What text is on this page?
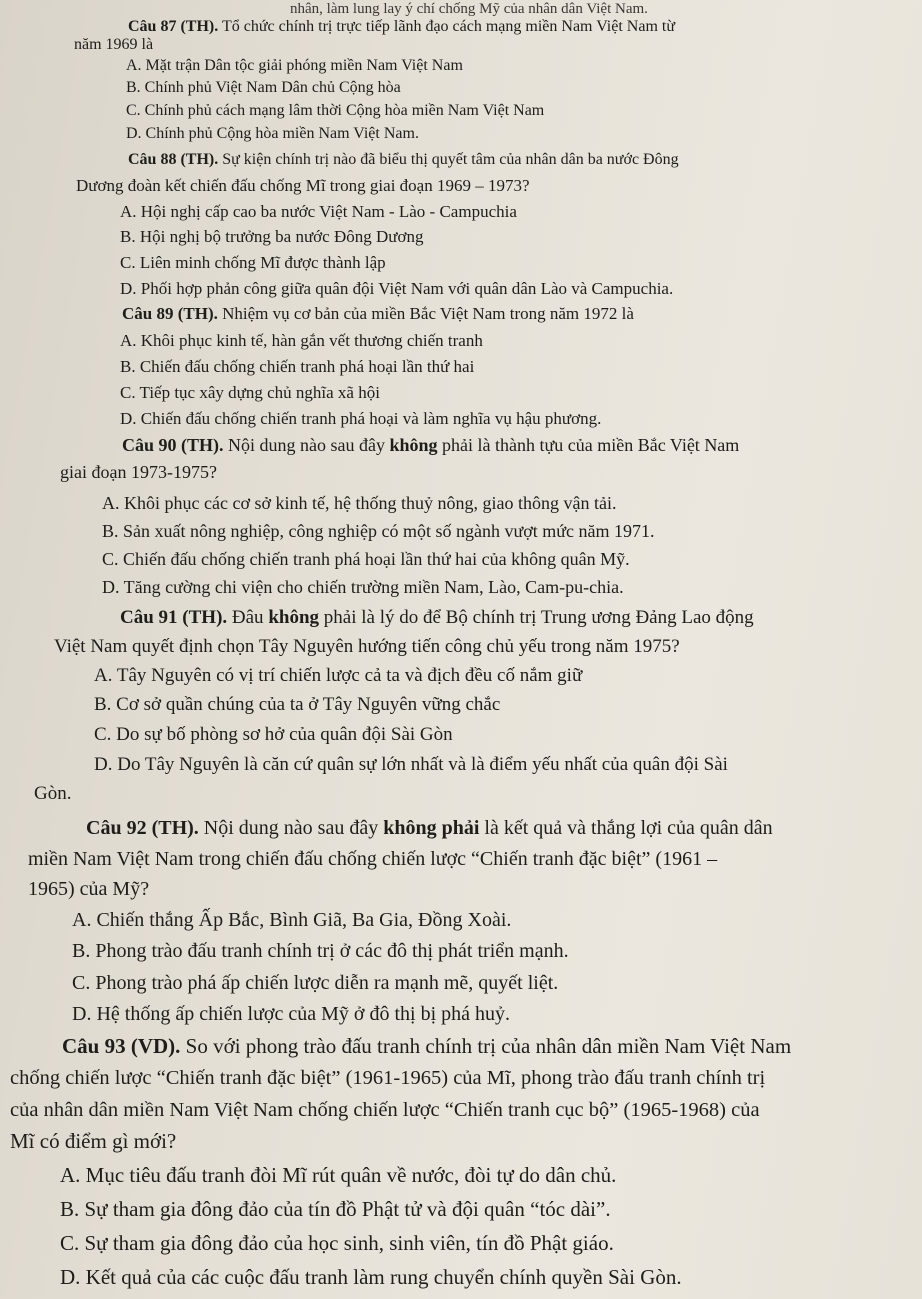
nhân, làm lung lay ý chí chống Mỹ của nhân dân Việt Nam.
Câu 87 (TH). Tổ chức chính trị trực tiếp lãnh đạo cách mạng miền Nam Việt Nam từ
năm 1969 là
A. Mặt trận Dân tộc giải phóng miền Nam Việt Nam
B. Chính phủ Việt Nam Dân chủ Cộng hòa
C. Chính phủ cách mạng lâm thời Cộng hòa miền Nam Việt Nam
D. Chính phủ Cộng hòa miền Nam Việt Nam.
Câu 88 (TH). Sự kiện chính trị nào đã biểu thị quyết tâm của nhân dân ba nước Đông
Dương đoàn kết chiến đấu chống Mĩ trong giai đoạn 1969 – 1973?
A. Hội nghị cấp cao ba nước Việt Nam - Lào - Campuchia
B. Hội nghị bộ trưởng ba nước Đông Dương
C. Liên minh chống Mĩ được thành lập
D. Phối hợp phản công giữa quân đội Việt Nam với quân dân Lào và Campuchia.
Câu 89 (TH). Nhiệm vụ cơ bản của miền Bắc Việt Nam trong năm 1972 là
A. Khôi phục kinh tế, hàn gắn vết thương chiến tranh
B. Chiến đấu chống chiến tranh phá hoại lần thứ hai
C. Tiếp tục xây dựng chủ nghĩa xã hội
D. Chiến đấu chống chiến tranh phá hoại và làm nghĩa vụ hậu phương.
Câu 90 (TH). Nội dung nào sau đây không phải là thành tựu của miền Bắc Việt Nam
giai đoạn 1973-1975?
A. Khôi phục các cơ sở kinh tế, hệ thống thuỷ nông, giao thông vận tải.
B. Sản xuất nông nghiệp, công nghiệp có một số ngành vượt mức năm 1971.
C. Chiến đấu chống chiến tranh phá hoại lần thứ hai của không quân Mỹ.
D. Tăng cường chi viện cho chiến trường miền Nam, Lào, Cam-pu-chia.
Câu 91 (TH). Đâu không phải là lý do để Bộ chính trị Trung ương Đảng Lao động
Việt Nam quyết định chọn Tây Nguyên hướng tiến công chủ yếu trong năm 1975?
A. Tây Nguyên có vị trí chiến lược cả ta và địch đều cố nắm giữ
B. Cơ sở quần chúng của ta ở Tây Nguyên vững chắc
C. Do sự bố phòng sơ hở của quân đội Sài Gòn
D. Do Tây Nguyên là căn cứ quân sự lớn nhất và là điểm yếu nhất của quân đội Sài
Gòn.
Câu 92 (TH). Nội dung nào sau đây không phải là kết quả và thắng lợi của quân dân
miền Nam Việt Nam trong chiến đấu chống chiến lược “Chiến tranh đặc biệt” (1961 –
1965) của Mỹ?
A. Chiến thắng Ấp Bắc, Bình Giã, Ba Gia, Đồng Xoài.
B. Phong trào đấu tranh chính trị ở các đô thị phát triển mạnh.
C. Phong trào phá ấp chiến lược diễn ra mạnh mẽ, quyết liệt.
D. Hệ thống ấp chiến lược của Mỹ ở đô thị bị phá huỷ.
Câu 93 (VD). So với phong trào đấu tranh chính trị của nhân dân miền Nam Việt Nam
chống chiến lược “Chiến tranh đặc biệt” (1961-1965) của Mĩ, phong trào đấu tranh chính trị
của nhân dân miền Nam Việt Nam chống chiến lược “Chiến tranh cục bộ” (1965-1968) của
Mĩ có điểm gì mới?
A. Mục tiêu đấu tranh đòi Mĩ rút quân về nước, đòi tự do dân chủ.
B. Sự tham gia đông đảo của tín đồ Phật tử và đội quân “tóc dài”.
C. Sự tham gia đông đảo của học sinh, sinh viên, tín đồ Phật giáo.
D. Kết quả của các cuộc đấu tranh làm rung chuyển chính quyền Sài Gòn.
